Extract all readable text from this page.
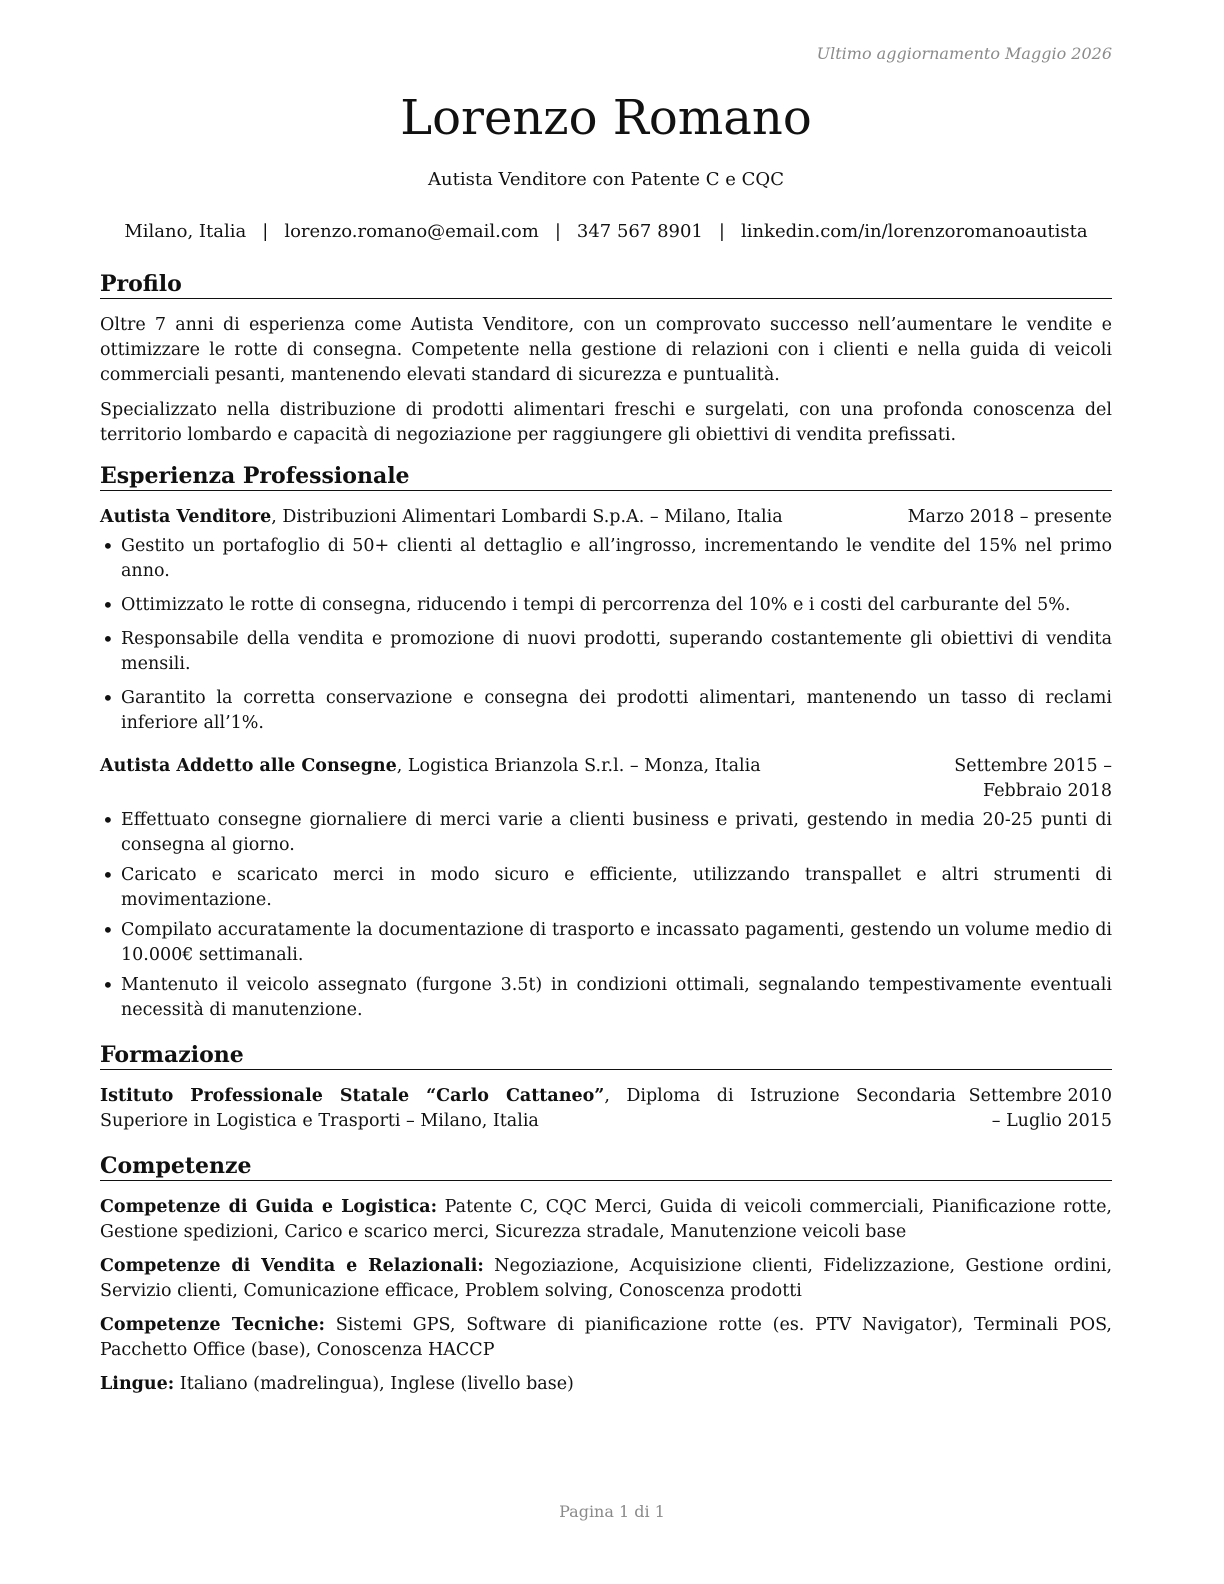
Ultimo aggiornamento Maggio 2026
Lorenzo Romano
Autista Venditore con Patente C e CQC
Milano, Italia | lorenzo.romano@email.com | 347 567 8901 | linkedin.com/in/lorenzoromanoautista
Profilo

Oltre 7 anni di esperienza come Autista Venditore, con un comprovato successo nell’aumentare le vendite e ottimizzare le rotte di consegna. Competente nella gestione di relazioni con i clienti e nella guida di veicoli commerciali pesanti, mantenendo elevati standard di sicurezza e puntualità.

Specializzato nella distribuzione di prodotti alimentari freschi e surgelati, con una profonda conoscenza del territorio lombardo e capacità di negoziazione per raggiungere gli obiettivi di vendita prefissati.

Esperienza Professionale
Autista Venditore, Distribuzioni Alimentari Lombardi S.p.A. – Milano, Italia	Marzo 2018 – presente
• Gestito un portafoglio di 50+ clienti al dettaglio e all’ingrosso, incrementando le vendite del 15% nel primo anno.
• Ottimizzato le rotte di consegna, riducendo i tempi di percorrenza del 10% e i costi del carburante del 5%.
• Responsabile della vendita e promozione di nuovi prodotti, superando costantemente gli obiettivi di vendita mensili.
• Garantito la corretta conservazione e consegna dei prodotti alimentari, mantenendo un tasso di reclami inferiore all’1%.
Autista Addetto alle Consegne, Logistica Brianzola S.r.l. – Monza, Italia	Settembre 2015 – Febbraio 2018
• Effettuato consegne giornaliere di merci varie a clienti business e privati, gestendo in media 20-25 punti di consegna al giorno.
• Caricato e scaricato merci in modo sicuro e efficiente, utilizzando transpallet e altri strumenti di movimentazione.
• Compilato accuratamente la documentazione di trasporto e incassato pagamenti, gestendo un volume medio di 10.000€ settimanali.
• Mantenuto il veicolo assegnato (furgone 3.5t) in condizioni ottimali, segnalando tempestivamente eventuali necessità di manutenzione.
Formazione
Istituto Professionale Statale “Carlo Cattaneo”, Diploma di Istruzione Secondaria Superiore in Logistica e Trasporti – Milano, Italia
Settembre 2010 – Luglio 2015
Competenze

Competenze di Guida e Logistica: Patente C, CQC Merci, Guida di veicoli commerciali, Pianificazione rotte, Gestione spedizioni, Carico e scarico merci, Sicurezza stradale, Manutenzione veicoli base

Competenze di Vendita e Relazionali: Negoziazione, Acquisizione clienti, Fidelizzazione, Gestione ordini, Servizio clienti, Comunicazione efficace, Problem solving, Conoscenza prodotti

Competenze Tecniche: Sistemi GPS, Software di pianificazione rotte (es. PTV Navigator), Terminali POS, Pacchetto Office (base), Conoscenza HACCP

Lingue: Italiano (madrelingua), Inglese (livello base)

Pagina 1 di 1
